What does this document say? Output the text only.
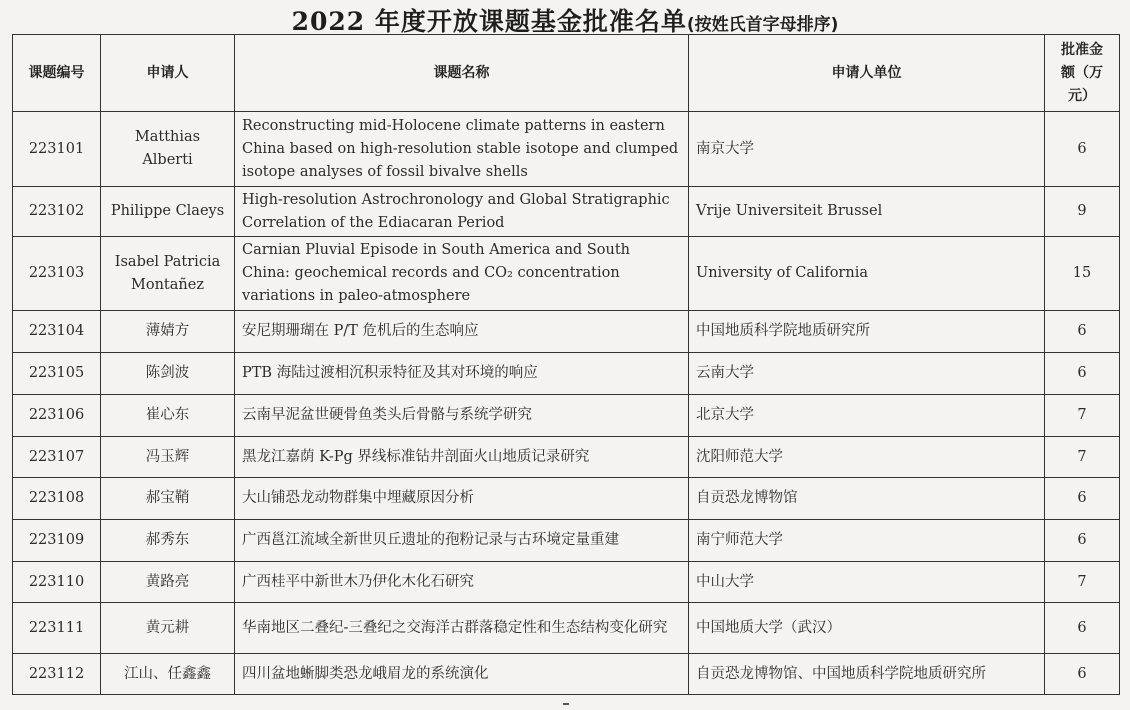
2022 年度开放课题基金批准名单(按姓氏首字母排序)
课题编号	申请人	课题名称	申请人单位	批准金额（万元）
223101	Matthias Alberti	Reconstructing mid-Holocene climate patterns in eastern China based on high-resolution stable isotope and clumped isotope analyses of fossil bivalve shells	南京大学	6
223102	Philippe Claeys	High-resolution Astrochronology and Global Stratigraphic Correlation of the Ediacaran Period	Vrije Universiteit Brussel	9
223103	Isabel Patricia Montañez	Carnian Pluvial Episode in South America and South China: geochemical records and CO₂ concentration variations in paleo-atmosphere	University of California	15
223104	薄婧方	安尼期珊瑚在 P/T 危机后的生态响应	中国地质科学院地质研究所	6
223105	陈剑波	PTB 海陆过渡相沉积汞特征及其对环境的响应	云南大学	6
223106	崔心东	云南早泥盆世硬骨鱼类头后骨骼与系统学研究	北京大学	7
223107	冯玉辉	黑龙江嘉荫 K-Pg 界线标准钻井剖面火山地质记录研究	沈阳师范大学	7
223108	郝宝鞘	大山铺恐龙动物群集中埋藏原因分析	自贡恐龙博物馆	6
223109	郝秀东	广西邕江流域全新世贝丘遗址的孢粉记录与古环境定量重建	南宁师范大学	6
223110	黄路亮	广西桂平中新世木乃伊化木化石研究	中山大学	7
223111	黄元耕	华南地区二叠纪-三叠纪之交海洋古群落稳定性和生态结构变化研究	中国地质大学（武汉）	6
223112	江山、任鑫鑫	四川盆地蜥脚类恐龙峨眉龙的系统演化	自贡恐龙博物馆、中国地质科学院地质研究所	6
